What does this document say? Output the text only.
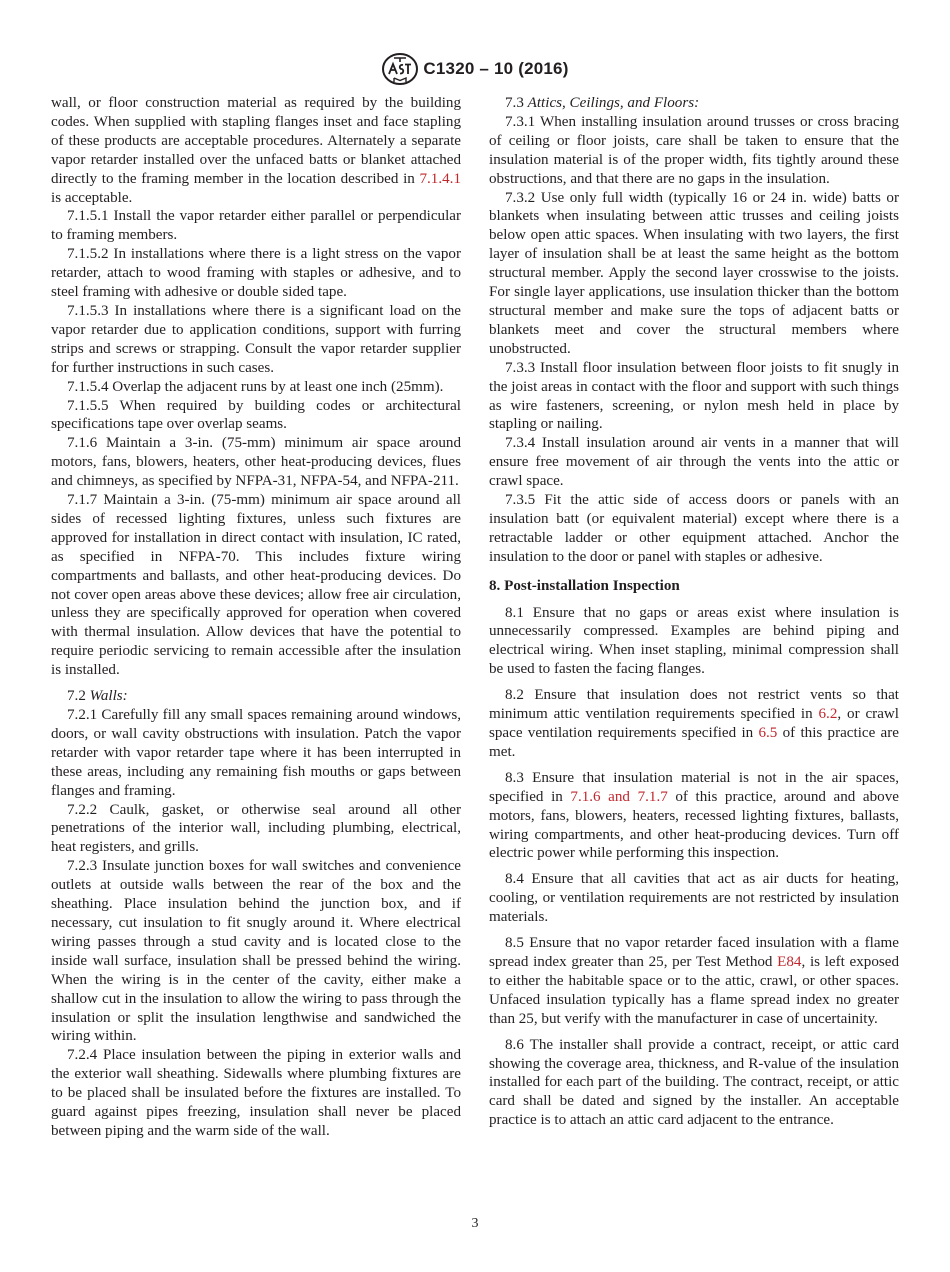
C1320 – 10 (2016)

wall, or floor construction material as required by the building codes. When supplied with stapling flanges inset and face stapling of these products are acceptable procedures. Alternately a separate vapor retarder installed over the unfaced batts or blanket attached directly to the framing member in the location described in 7.1.4.1 is acceptable.

7.1.5.1 Install the vapor retarder either parallel or perpendicular to framing members.

7.1.5.2 In installations where there is a light stress on the vapor retarder, attach to wood framing with staples or adhesive, and to steel framing with adhesive or double sided tape.

7.1.5.3 In installations where there is a significant load on the vapor retarder due to application conditions, support with furring strips and screws or strapping. Consult the vapor retarder supplier for further instructions in such cases.

7.1.5.4 Overlap the adjacent runs by at least one inch (25mm).

7.1.5.5 When required by building codes or architectural specifications tape over overlap seams.

7.1.6 Maintain a 3-in. (75-mm) minimum air space around motors, fans, blowers, heaters, other heat-producing devices, flues and chimneys, as specified by NFPA-31, NFPA-54, and NFPA-211.

7.1.7 Maintain a 3-in. (75-mm) minimum air space around all sides of recessed lighting fixtures, unless such fixtures are approved for installation in direct contact with insulation, IC rated, as specified in NFPA-70. This includes fixture wiring compartments and ballasts, and other heat-producing devices. Do not cover open areas above these devices; allow free air circulation, unless they are specifically approved for operation when covered with thermal insulation. Allow devices that have the potential to require periodic servicing to remain accessible after the insulation is installed.

7.2 Walls:

7.2.1 Carefully fill any small spaces remaining around windows, doors, or wall cavity obstructions with insulation. Patch the vapor retarder with vapor retarder tape where it has been interrupted in these areas, including any remaining fish mouths or gaps between flanges and framing.

7.2.2 Caulk, gasket, or otherwise seal around all other penetrations of the interior wall, including plumbing, electrical, heat registers, and grills.

7.2.3 Insulate junction boxes for wall switches and convenience outlets at outside walls between the rear of the box and the sheathing. Place insulation behind the junction box, and if necessary, cut insulation to fit snugly around it. Where electrical wiring passes through a stud cavity and is located close to the inside wall surface, insulation shall be pressed behind the wiring. When the wiring is in the center of the cavity, either make a shallow cut in the insulation to allow the wiring to pass through the insulation or split the insulation lengthwise and sandwiched the wiring within.

7.2.4 Place insulation between the piping in exterior walls and the exterior wall sheathing. Sidewalls where plumbing fixtures are to be placed shall be insulated before the fixtures are installed. To guard against pipes freezing, insulation shall never be placed between piping and the warm side of the wall.

7.3 Attics, Ceilings, and Floors:

7.3.1 When installing insulation around trusses or cross bracing of ceiling or floor joists, care shall be taken to ensure that the insulation material is of the proper width, fits tightly around these obstructions, and that there are no gaps in the insulation.

7.3.2 Use only full width (typically 16 or 24 in. wide) batts or blankets when insulating between attic trusses and ceiling joists below open attic spaces. When insulating with two layers, the first layer of insulation shall be at least the same height as the bottom structural member. Apply the second layer crosswise to the joists. For single layer applications, use insulation thicker than the bottom structural member and make sure the tops of adjacent batts or blankets meet and cover the structural members where unobstructed.

7.3.3 Install floor insulation between floor joists to fit snugly in the joist areas in contact with the floor and support with such things as wire fasteners, screening, or nylon mesh held in place by stapling or nailing.

7.3.4 Install insulation around air vents in a manner that will ensure free movement of air through the vents into the attic or crawl space.

7.3.5 Fit the attic side of access doors or panels with an insulation batt (or equivalent material) except where there is a retractable ladder or other equipment attached. Anchor the insulation to the door or panel with staples or adhesive.

8. Post-installation Inspection

8.1 Ensure that no gaps or areas exist where insulation is unnecessarily compressed. Examples are behind piping and electrical wiring. When inset stapling, minimal compression shall be used to fasten the facing flanges.

8.2 Ensure that insulation does not restrict vents so that minimum attic ventilation requirements specified in 6.2, or crawl space ventilation requirements specified in 6.5 of this practice are met.

8.3 Ensure that insulation material is not in the air spaces, specified in 7.1.6 and 7.1.7 of this practice, around and above motors, fans, blowers, heaters, recessed lighting fixtures, ballasts, wiring compartments, and other heat-producing devices. Turn off electric power while performing this inspection.

8.4 Ensure that all cavities that act as air ducts for heating, cooling, or ventilation requirements are not restricted by insulation materials.

8.5 Ensure that no vapor retarder faced insulation with a flame spread index greater than 25, per Test Method E84, is left exposed to either the habitable space or to the attic, crawl, or other spaces. Unfaced insulation typically has a flame spread index no greater than 25, but verify with the manufacturer in case of uncertainity.

8.6 The installer shall provide a contract, receipt, or attic card showing the coverage area, thickness, and R-value of the insulation installed for each part of the building. The contract, receipt, or attic card shall be dated and signed by the installer. An acceptable practice is to attach an attic card adjacent to the entrance.

3
